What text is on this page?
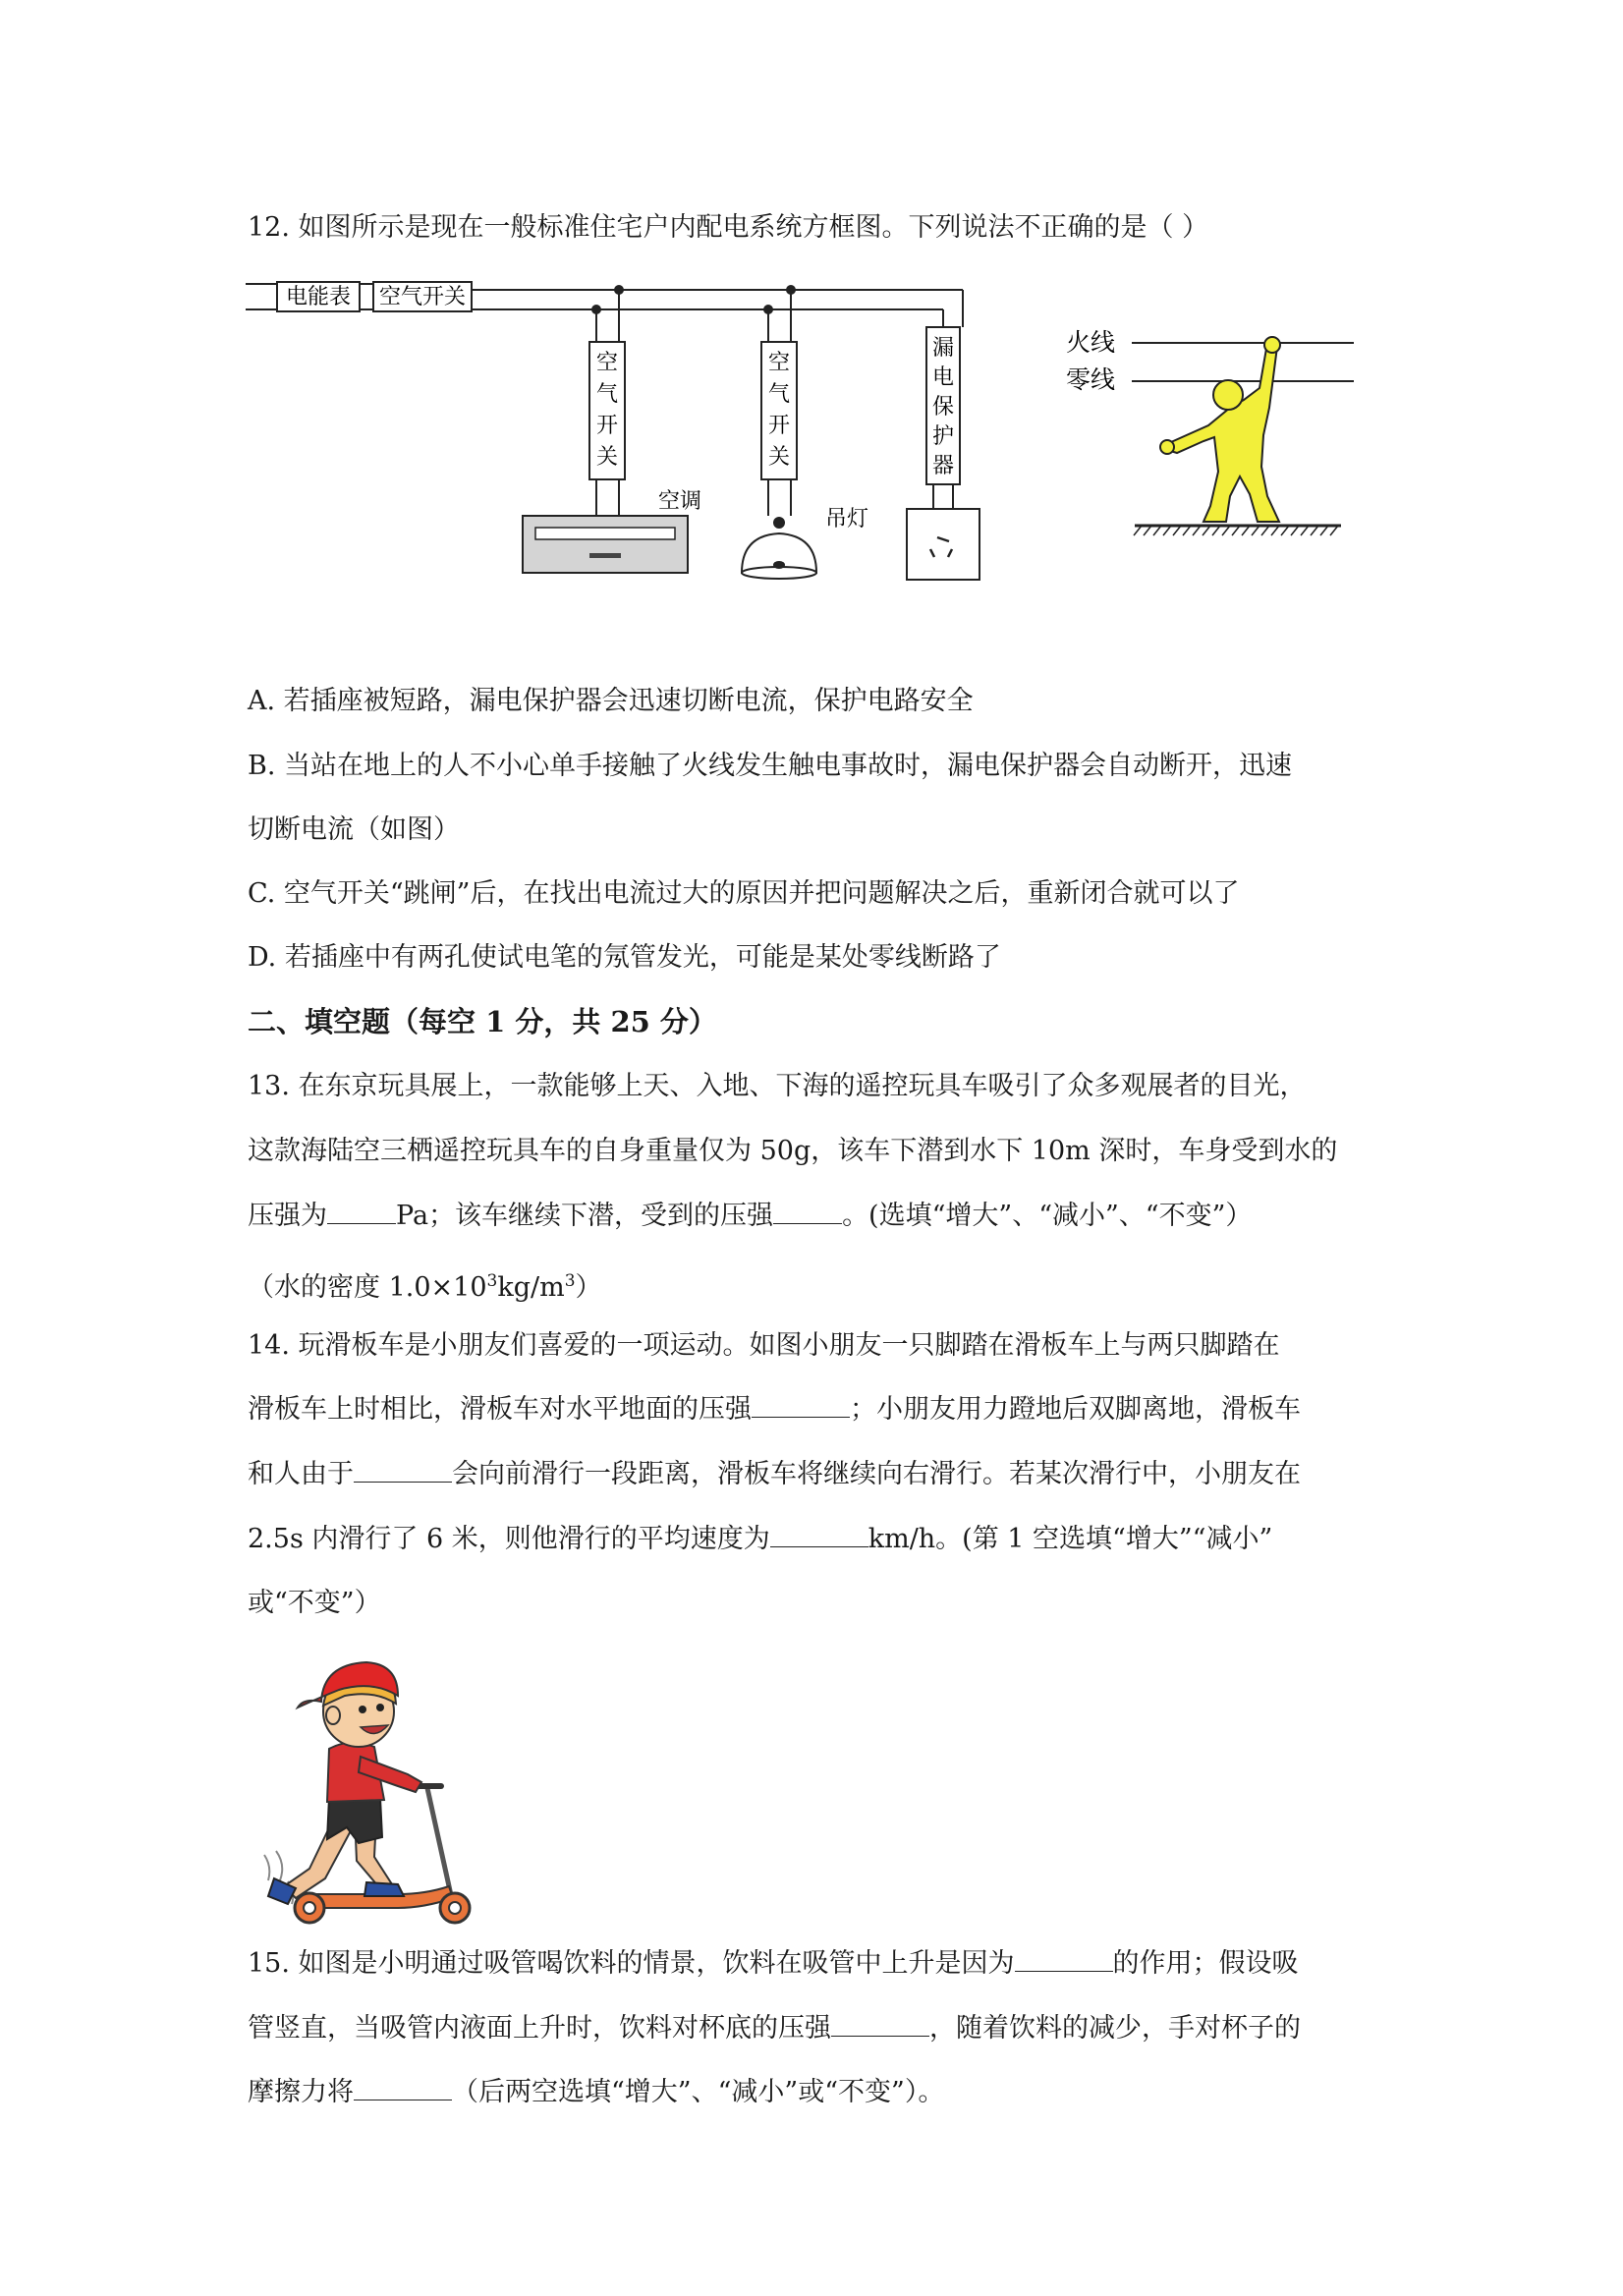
12. 如图所示是现在一般标准住宅户内配电系统方框图。下列说法不正确的是（ ）
电能表 空气开关
空
气
开
关
空调
空
气
开
关
吊灯
漏
电
保
护
器
火线
零线
A. 若插座被短路，漏电保护器会迅速切断电流，保护电路安全
B. 当站在地上的人不小心单手接触了火线发生触电事故时，漏电保护器会自动断开，迅速
切断电流（如图）
C. 空气开关“跳闸”后，在找出电流过大的原因并把问题解决之后，重新闭合就可以了
D. 若插座中有两孔使试电笔的氖管发光，可能是某处零线断路了
二、填空题（每空 1 分，共 25 分）
13. 在东京玩具展上，一款能够上天、入地、下海的遥控玩具车吸引了众多观展者的目光，
这款海陆空三栖遥控玩具车的自身重量仅为 50g，该车下潜到水下 10m 深时，车身受到水的
压强为	Pa；该车继续下潜，受到的压强	。(选填“增大”、“减小”、“不变”）
（水的密度 $1.0\times 10^3kg/m^3$）
14. 玩滑板车是小朋友们喜爱的一项运动。如图小朋友一只脚踏在滑板车上与两只脚踏在
滑板车上时相比，滑板车对水平地面的压强	；小朋友用力蹬地后双脚离地，滑板车
和人由于	会向前滑行一段距离，滑板车将继续向右滑行。若某次滑行中，小朋友在
2.5s 内滑行了 6 米，则他滑行的平均速度为	km/h。(第 1 空选填“增大”“减小”
或“不变”）
15. 如图是小明通过吸管喝饮料的情景，饮料在吸管中上升是因为	的作用；假设吸
管竖直，当吸管内液面上升时，饮料对杯底的压强	，随着饮料的减少，手对杯子的
摩擦力将	（后两空选填“增大”、“减小”或“不变”）。
